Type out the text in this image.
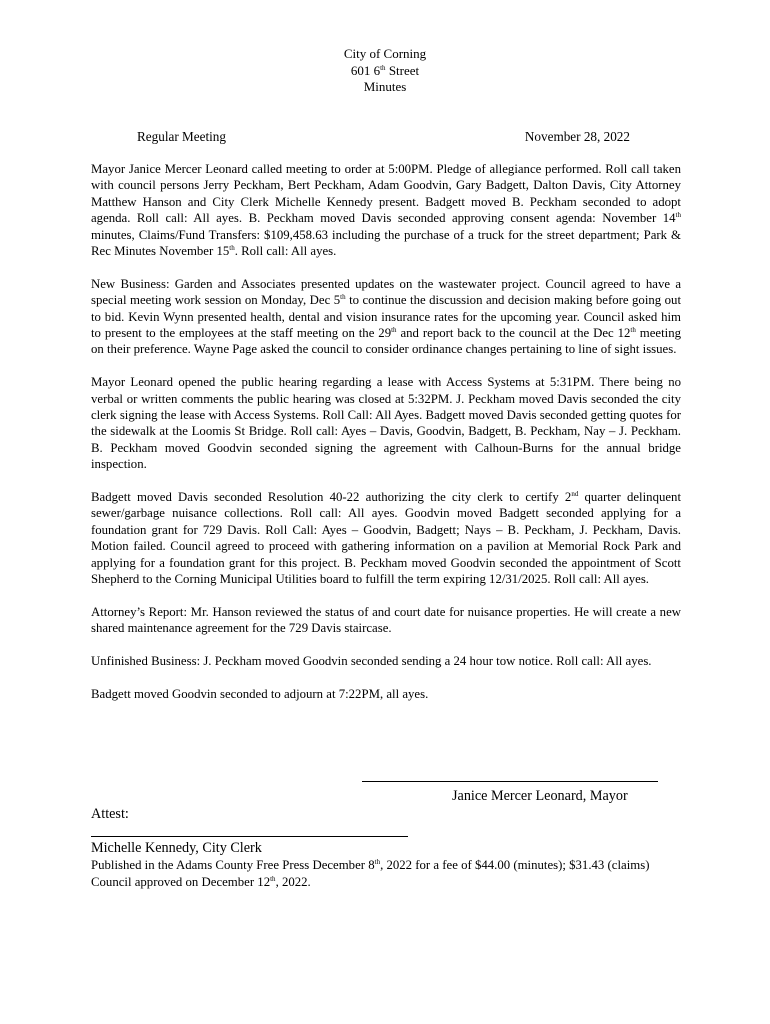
City of Corning
601 6th Street
Minutes
Regular Meeting	November 28, 2022

Mayor Janice Mercer Leonard called meeting to order at 5:00PM. Pledge of allegiance performed. Roll call taken with council persons Jerry Peckham, Bert Peckham, Adam Goodvin, Gary Badgett, Dalton Davis, City Attorney Matthew Hanson and City Clerk Michelle Kennedy present. Badgett moved B. Peckham seconded to adopt agenda. Roll call: All ayes. B. Peckham moved Davis seconded approving consent agenda: November 14th minutes, Claims/Fund Transfers: $109,458.63 including the purchase of a truck for the street department; Park & Rec Minutes November 15th. Roll call: All ayes.

New Business: Garden and Associates presented updates on the wastewater project. Council agreed to have a special meeting work session on Monday, Dec 5th to continue the discussion and decision making before going out to bid. Kevin Wynn presented health, dental and vision insurance rates for the upcoming year. Council asked him to present to the employees at the staff meeting on the 29th and report back to the council at the Dec 12th meeting on their preference. Wayne Page asked the council to consider ordinance changes pertaining to line of sight issues.

Mayor Leonard opened the public hearing regarding a lease with Access Systems at 5:31PM. There being no verbal or written comments the public hearing was closed at 5:32PM. J. Peckham moved Davis seconded the city clerk signing the lease with Access Systems. Roll Call: All Ayes. Badgett moved Davis seconded getting quotes for the sidewalk at the Loomis St Bridge. Roll call: Ayes – Davis, Goodvin, Badgett, B. Peckham, Nay – J. Peckham. B. Peckham moved Goodvin seconded signing the agreement with Calhoun-Burns for the annual bridge inspection.

Badgett moved Davis seconded Resolution 40-22 authorizing the city clerk to certify 2nd quarter delinquent sewer/garbage nuisance collections. Roll call: All ayes. Goodvin moved Badgett seconded applying for a foundation grant for 729 Davis. Roll Call: Ayes – Goodvin, Badgett; Nays – B. Peckham, J. Peckham, Davis. Motion failed. Council agreed to proceed with gathering information on a pavilion at Memorial Rock Park and applying for a foundation grant for this project. B. Peckham moved Goodvin seconded the appointment of Scott Shepherd to the Corning Municipal Utilities board to fulfill the term expiring 12/31/2025. Roll call: All ayes.

Attorney’s Report: Mr. Hanson reviewed the status of and court date for nuisance properties. He will create a new shared maintenance agreement for the 729 Davis staircase.

Unfinished Business: J. Peckham moved Goodvin seconded sending a 24 hour tow notice. Roll call: All ayes.

Badgett moved Goodvin seconded to adjourn at 7:22PM, all ayes.

Janice Mercer Leonard, Mayor
Attest:
Michelle Kennedy, City Clerk
Published in the Adams County Free Press December 8th, 2022 for a fee of $44.00 (minutes); $31.43 (claims) Council approved on December 12th, 2022.
